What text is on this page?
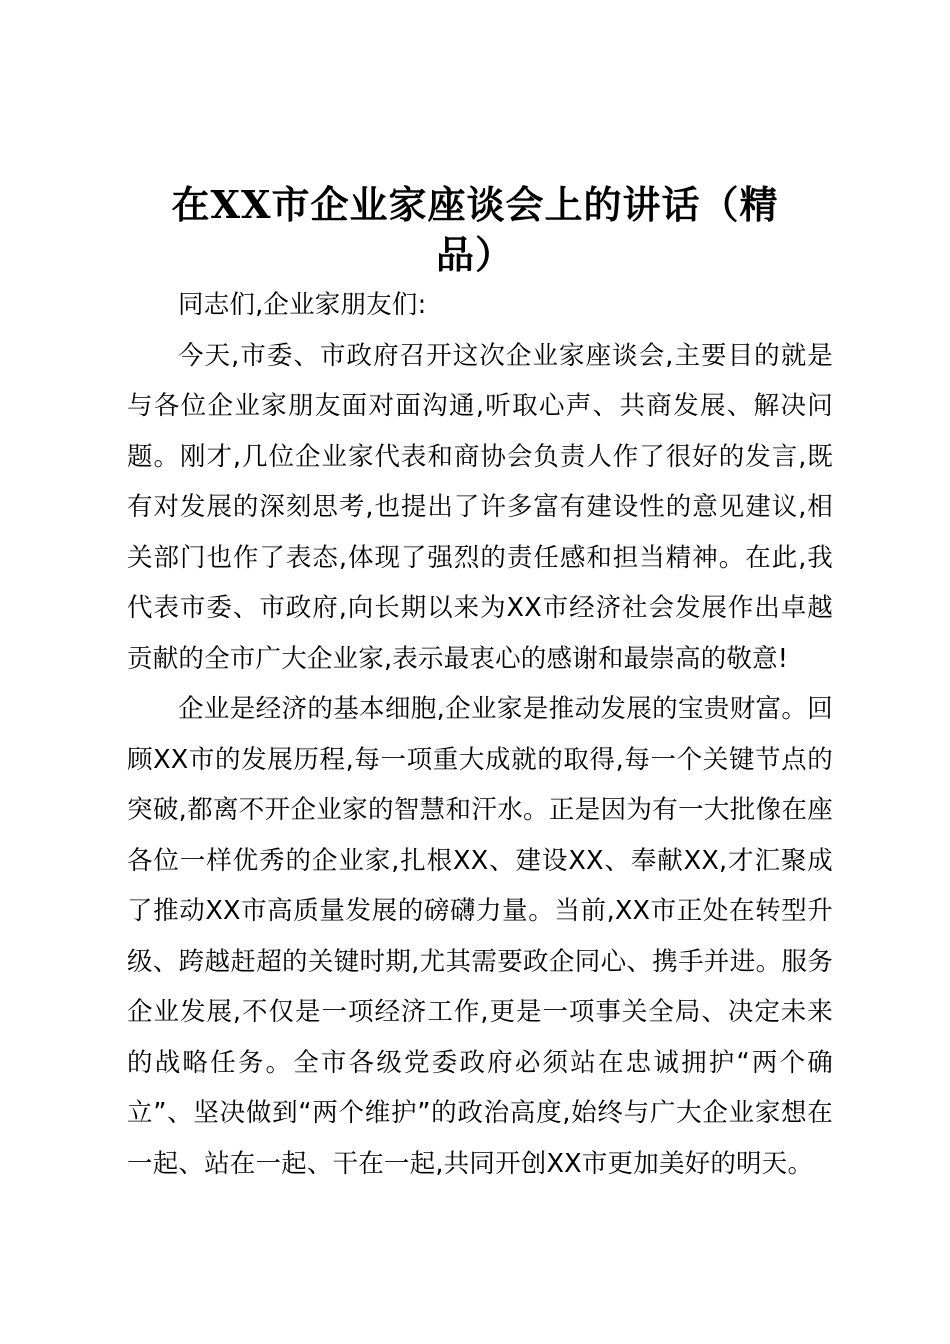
在XX市企业家座谈会上的讲话（精品）

同志们,企业家朋友们:

今天,市委、市政府召开这次企业家座谈会,主要目的就是与各位企业家朋友面对面沟通,听取心声、共商发展、解决问题。刚才,几位企业家代表和商协会负责人作了很好的发言,既有对发展的深刻思考,也提出了许多富有建设性的意见建议,相关部门也作了表态,体现了强烈的责任感和担当精神。在此,我代表市委、市政府,向长期以来为XX市经济社会发展作出卓越贡献的全市广大企业家,表示最衷心的感谢和最崇高的敬意!

企业是经济的基本细胞,企业家是推动发展的宝贵财富。回顾XX市的发展历程,每一项重大成就的取得,每一个关键节点的突破,都离不开企业家的智慧和汗水。正是因为有一大批像在座各位一样优秀的企业家,扎根XX、建设XX、奉献XX,才汇聚成了推动XX市高质量发展的磅礴力量。当前,XX市正处在转型升级、跨越赶超的关键时期,尤其需要政企同心、携手并进。服务企业发展,不仅是一项经济工作,更是一项事关全局、决定未来的战略任务。全市各级党委政府必须站在忠诚拥护“两个确立”、坚决做到“两个维护”的政治高度,始终与广大企业家想在一起、站在一起、干在一起,共同开创XX市更加美好的明天。
